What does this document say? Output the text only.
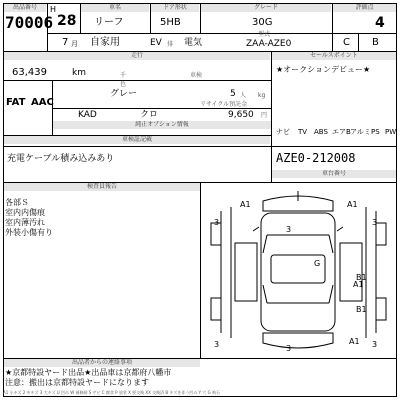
出品番号
70006
H
28
車名
リーフ
ドア形状
5HB
グレード
30G
評価点
4
7 月 自家用	EV 排 電気
型式
ZAA-AZE0	C B
走行
63,439	km	千	車検
FAT AAC
色
グレー	5 人 kg
KAD	クロ
リサイクル預託金
9,650 円
純正オプション情報
セールスポイント
★オークションデビュー★
ナビ TV ABS エアB アルミ PS PW
車検証記載
充電ケーブル積み込みあり	AZE0-212008
車台番号
検査員報告
各部Ｓ
室内内傷痕
室内薄汚れ
外装小傷有り
A1	A1
3	3
3
G
B1
A1
B1
A1
3	3	3
出品者からの連絡事項
★京都特設ヤード出品★出品車は京都府八幡市
注意：搬出は京都特設ヤードになります
A1 小キズ 2 中キズ 3 大キズ U 凹み W 補修跡 S サビ C 腐食 P 塗装 X 要交換 XX 交換済 B キズを伴う凹み Y 穴 G 飛石
